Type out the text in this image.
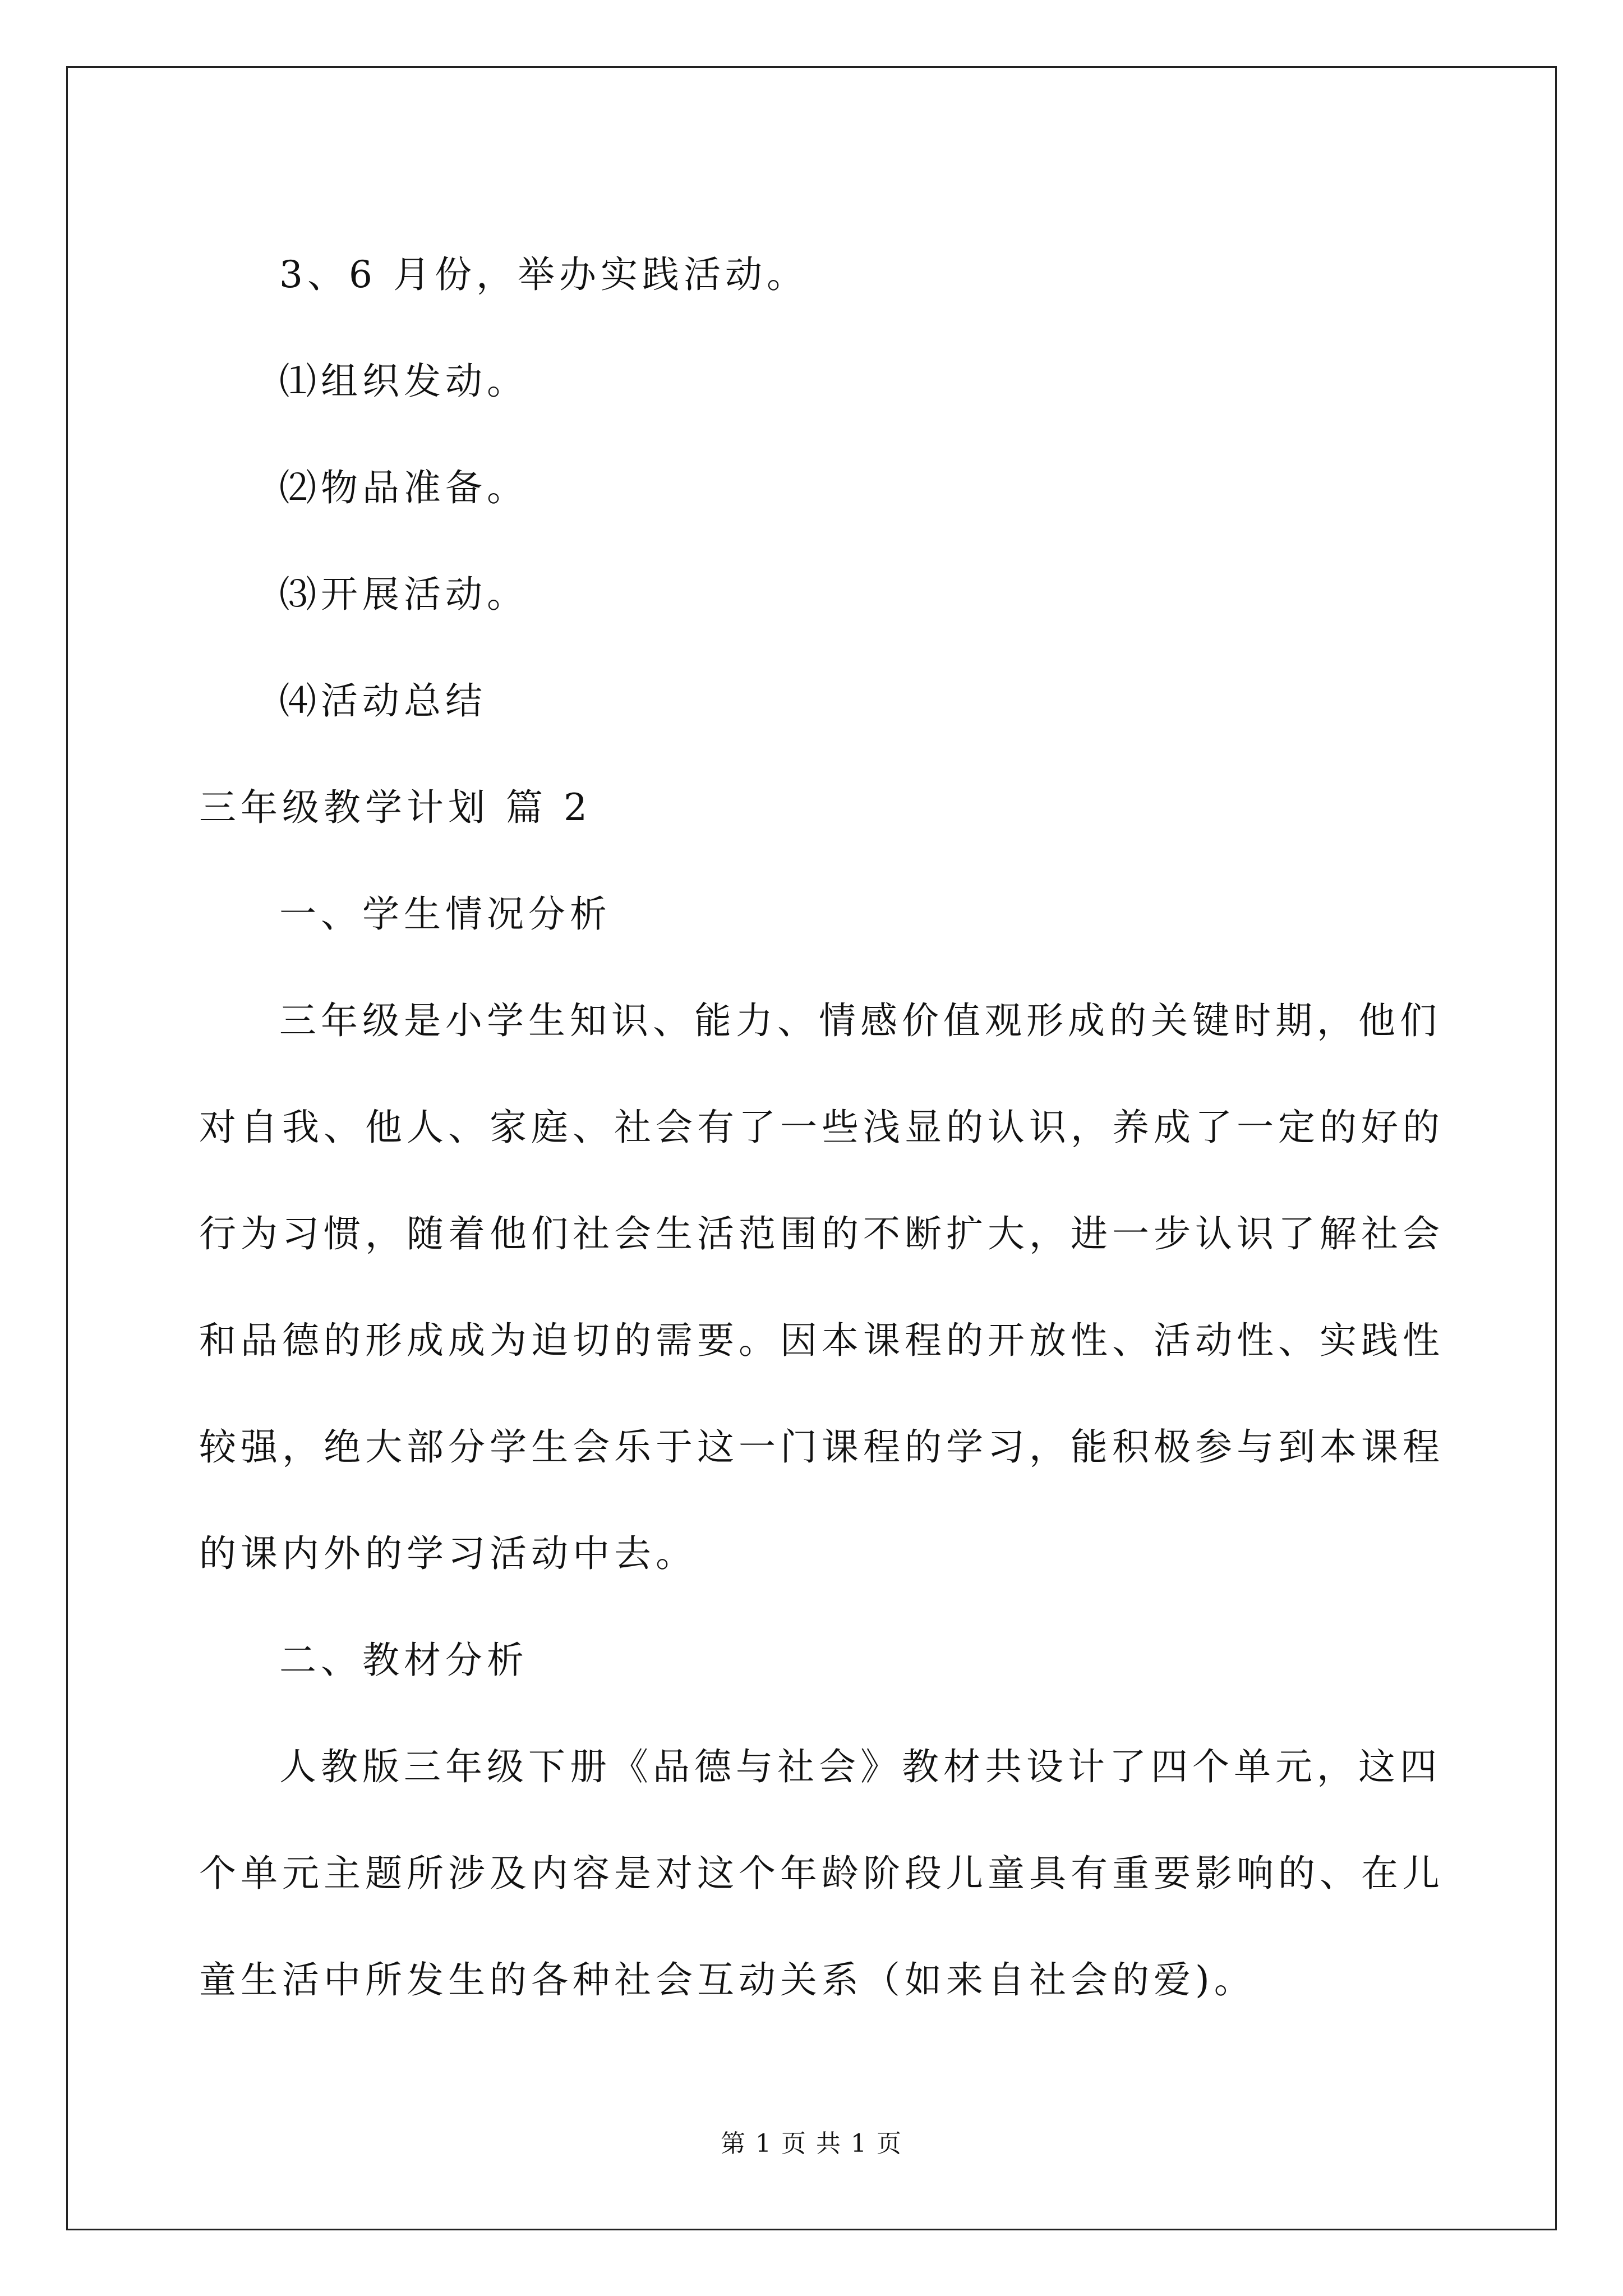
3、6 月份，举办实践活动。
⑴组织发动。
⑵物品准备。
⑶开展活动。
⑷活动总结
三年级教学计划 篇 2
一、学生情况分析
三年级是小学生知识、能力、情感价值观形成的关键时期，他们
对自我、他人、家庭、社会有了一些浅显的认识，养成了一定的好的
行为习惯，随着他们社会生活范围的不断扩大，进一步认识了解社会
和品德的形成成为迫切的需要。因本课程的开放性、活动性、实践性
较强，绝大部分学生会乐于这一门课程的学习，能积极参与到本课程
的课内外的学习活动中去。
二、教材分析
人教版三年级下册《品德与社会》教材共设计了四个单元，这四
个单元主题所涉及内容是对这个年龄阶段儿童具有重要影响的、在儿
童生活中所发生的各种社会互动关系（如来自社会的爱)。
第 1 页 共 1 页
